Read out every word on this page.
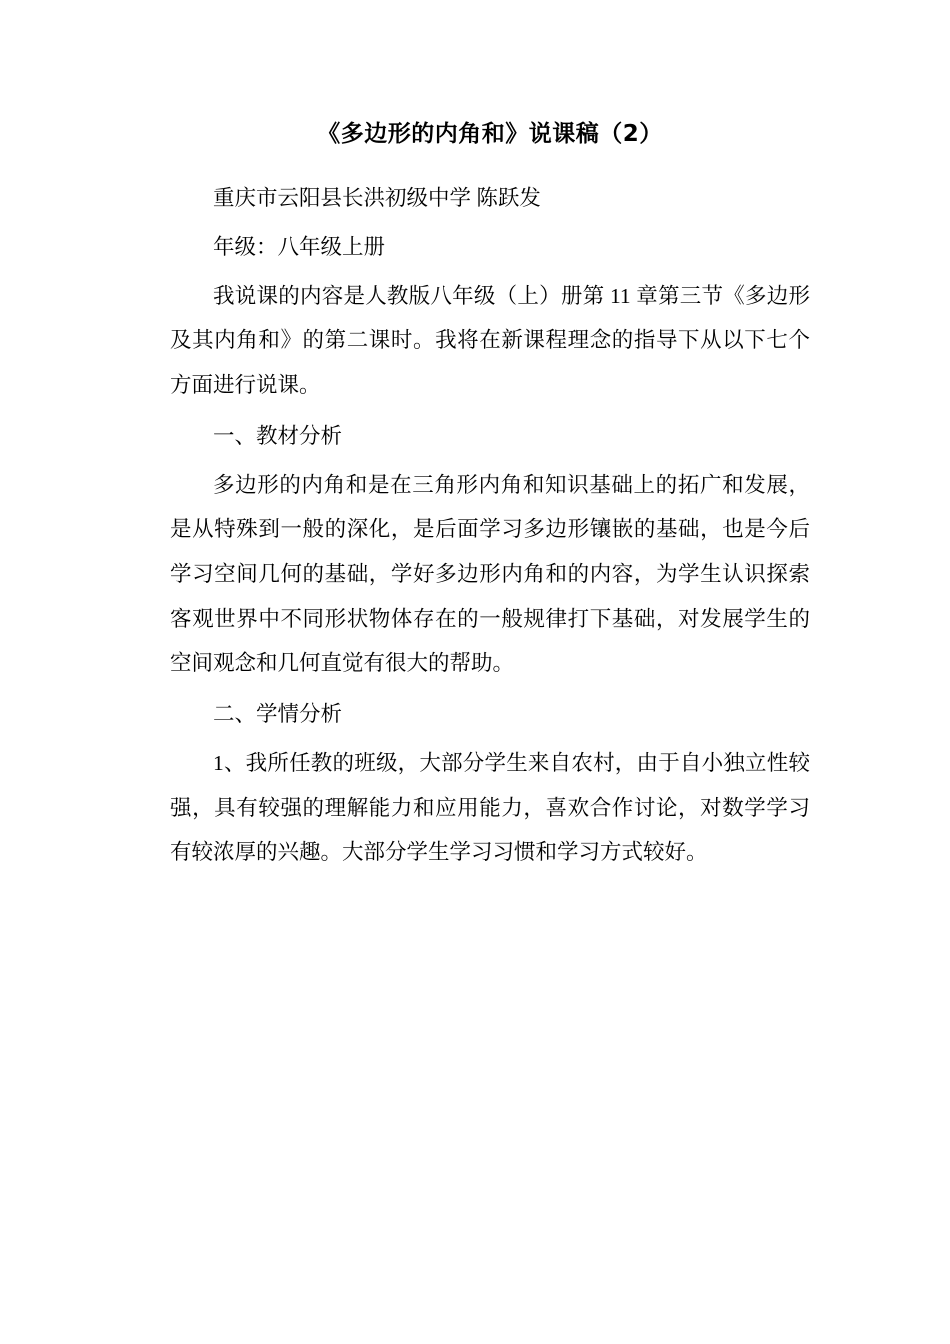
《多边形的内角和》说课稿（2）

重庆市云阳县长洪初级中学 陈跃发

年级：八年级上册

我说课的内容是人教版八年级（上）册第 11 章第三节《多边形及其内角和》的第二课时。我将在新课程理念的指导下从以下七个方面进行说课。

一、教材分析

多边形的内角和是在三角形内角和知识基础上的拓广和发展，是从特殊到一般的深化，是后面学习多边形镶嵌的基础，也是今后学习空间几何的基础，学好多边形内角和的内容，为学生认识探索客观世界中不同形状物体存在的一般规律打下基础，对发展学生的空间观念和几何直觉有很大的帮助。

二、学情分析

1、我所任教的班级，大部分学生来自农村，由于自小独立性较强，具有较强的理解能力和应用能力，喜欢合作讨论，对数学学习有较浓厚的兴趣。大部分学生学习习惯和学习方式较好。
